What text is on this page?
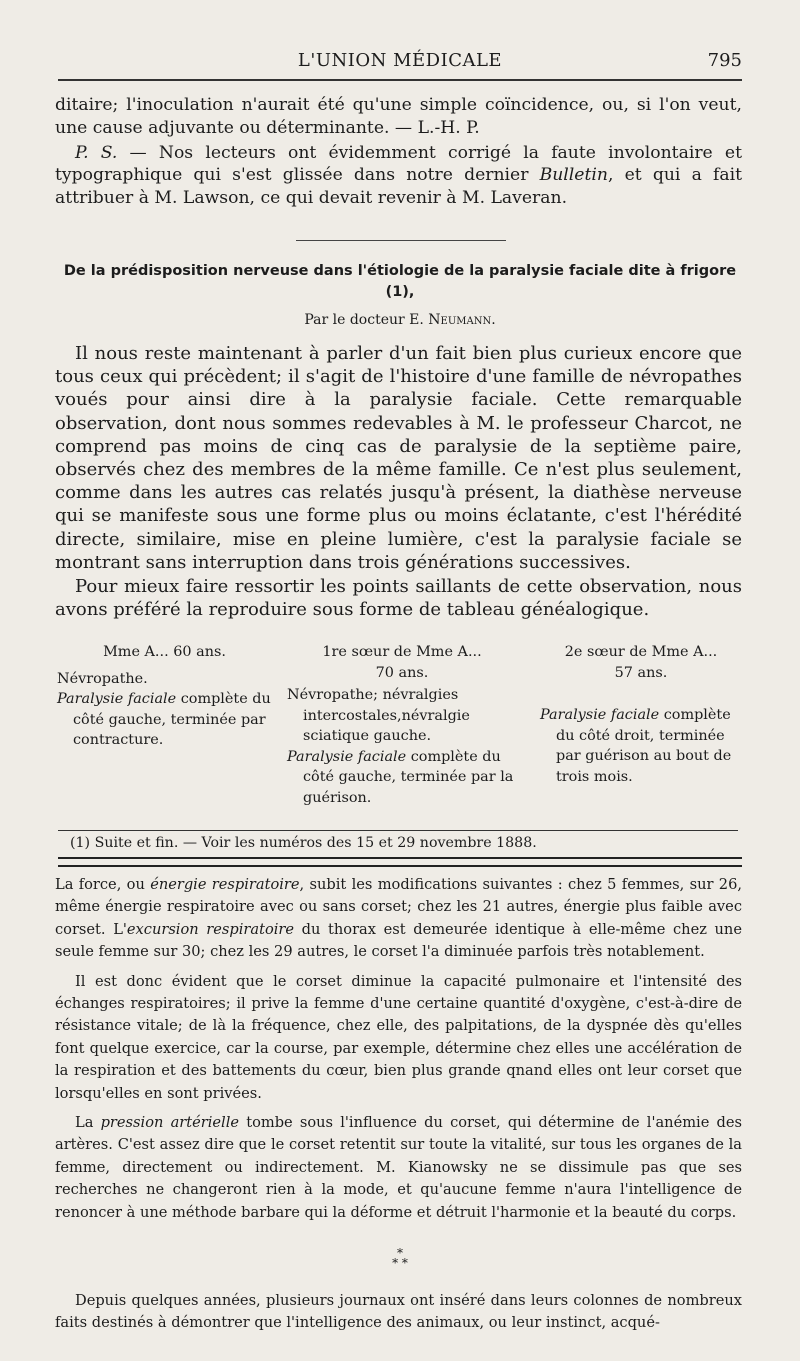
L'UNION MÉDICALE	795

ditaire; l'inoculation n'aurait été qu'une simple coïncidence, ou, si l'on veut, une cause adjuvante ou déterminante. — L.-H. P.

P. S. — Nos lecteurs ont évidemment corrigé la faute involontaire et typographique qui s'est glissée dans notre dernier Bulletin, et qui a fait attribuer à M. Lawson, ce qui devait revenir à M. Laveran.

De la prédisposition nerveuse dans l'étiologie de la paralysie faciale dite à frigore (1),

Par le docteur E. Neumann.

Il nous reste maintenant à parler d'un fait bien plus curieux encore que tous ceux qui précèdent; il s'agit de l'histoire d'une famille de névropathes voués pour ainsi dire à la paralysie faciale. Cette remarquable observation, dont nous sommes redevables à M. le professeur Charcot, ne comprend pas moins de cinq cas de paralysie de la septième paire, observés chez des membres de la même famille. Ce n'est plus seulement, comme dans les autres cas relatés jusqu'à présent, la diathèse nerveuse qui se manifeste sous une forme plus ou moins éclatante, c'est l'hérédité directe, similaire, mise en pleine lumière, c'est la paralysie faciale se montrant sans interruption dans trois générations successives.

Pour mieux faire ressortir les points saillants de cette observation, nous avons préféré la reproduire sous forme de tableau généalogique.

Mme A... 60 ans.

Névropathe.

Paralysie faciale complète du côté gauche, terminée par contracture.

1re sœur de Mme A...
70 ans.

Névropathe; névralgies intercostales,névralgie sciatique gauche.

Paralysie faciale complète du côté gauche, terminée par la guérison.

2e sœur de Mme A...
57 ans.

Paralysie faciale complète du côté droit, terminée par guérison au bout de trois mois.

(1) Suite et fin. — Voir les numéros des 15 et 29 novembre 1888.

La force, ou énergie respiratoire, subit les modifications suivantes : chez 5 femmes, sur 26, même énergie respiratoire avec ou sans corset; chez les 21 autres, énergie plus faible avec corset. L'excursion respiratoire du thorax est demeurée identique à elle-même chez une seule femme sur 30; chez les 29 autres, le corset l'a diminuée parfois très notablement.

Il est donc évident que le corset diminue la capacité pulmonaire et l'intensité des échanges respiratoires; il prive la femme d'une certaine quantité d'oxygène, c'est-à-dire de résistance vitale; de là la fréquence, chez elle, des palpitations, de la dyspnée dès qu'elles font quelque exercice, car la course, par exemple, détermine chez elles une accélération de la respiration et des battements du cœur, bien plus grande qnand elles ont leur corset que lorsqu'elles en sont privées.

La pression artérielle tombe sous l'influence du corset, qui détermine de l'anémie des artères. C'est assez dire que le corset retentit sur toute la vitalité, sur tous les organes de la femme, directement ou indirectement. M. Kianowsky ne se dissimule pas que ses recherches ne changeront rien à la mode, et qu'aucune femme n'aura l'intelligence de renoncer à une méthode barbare qui la déforme et détruit l'harmonie et la beauté du corps.

*
* *

Depuis quelques années, plusieurs journaux ont inséré dans leurs colonnes de nombreux faits destinés à démontrer que l'intelligence des animaux, ou leur instinct, acqué-
